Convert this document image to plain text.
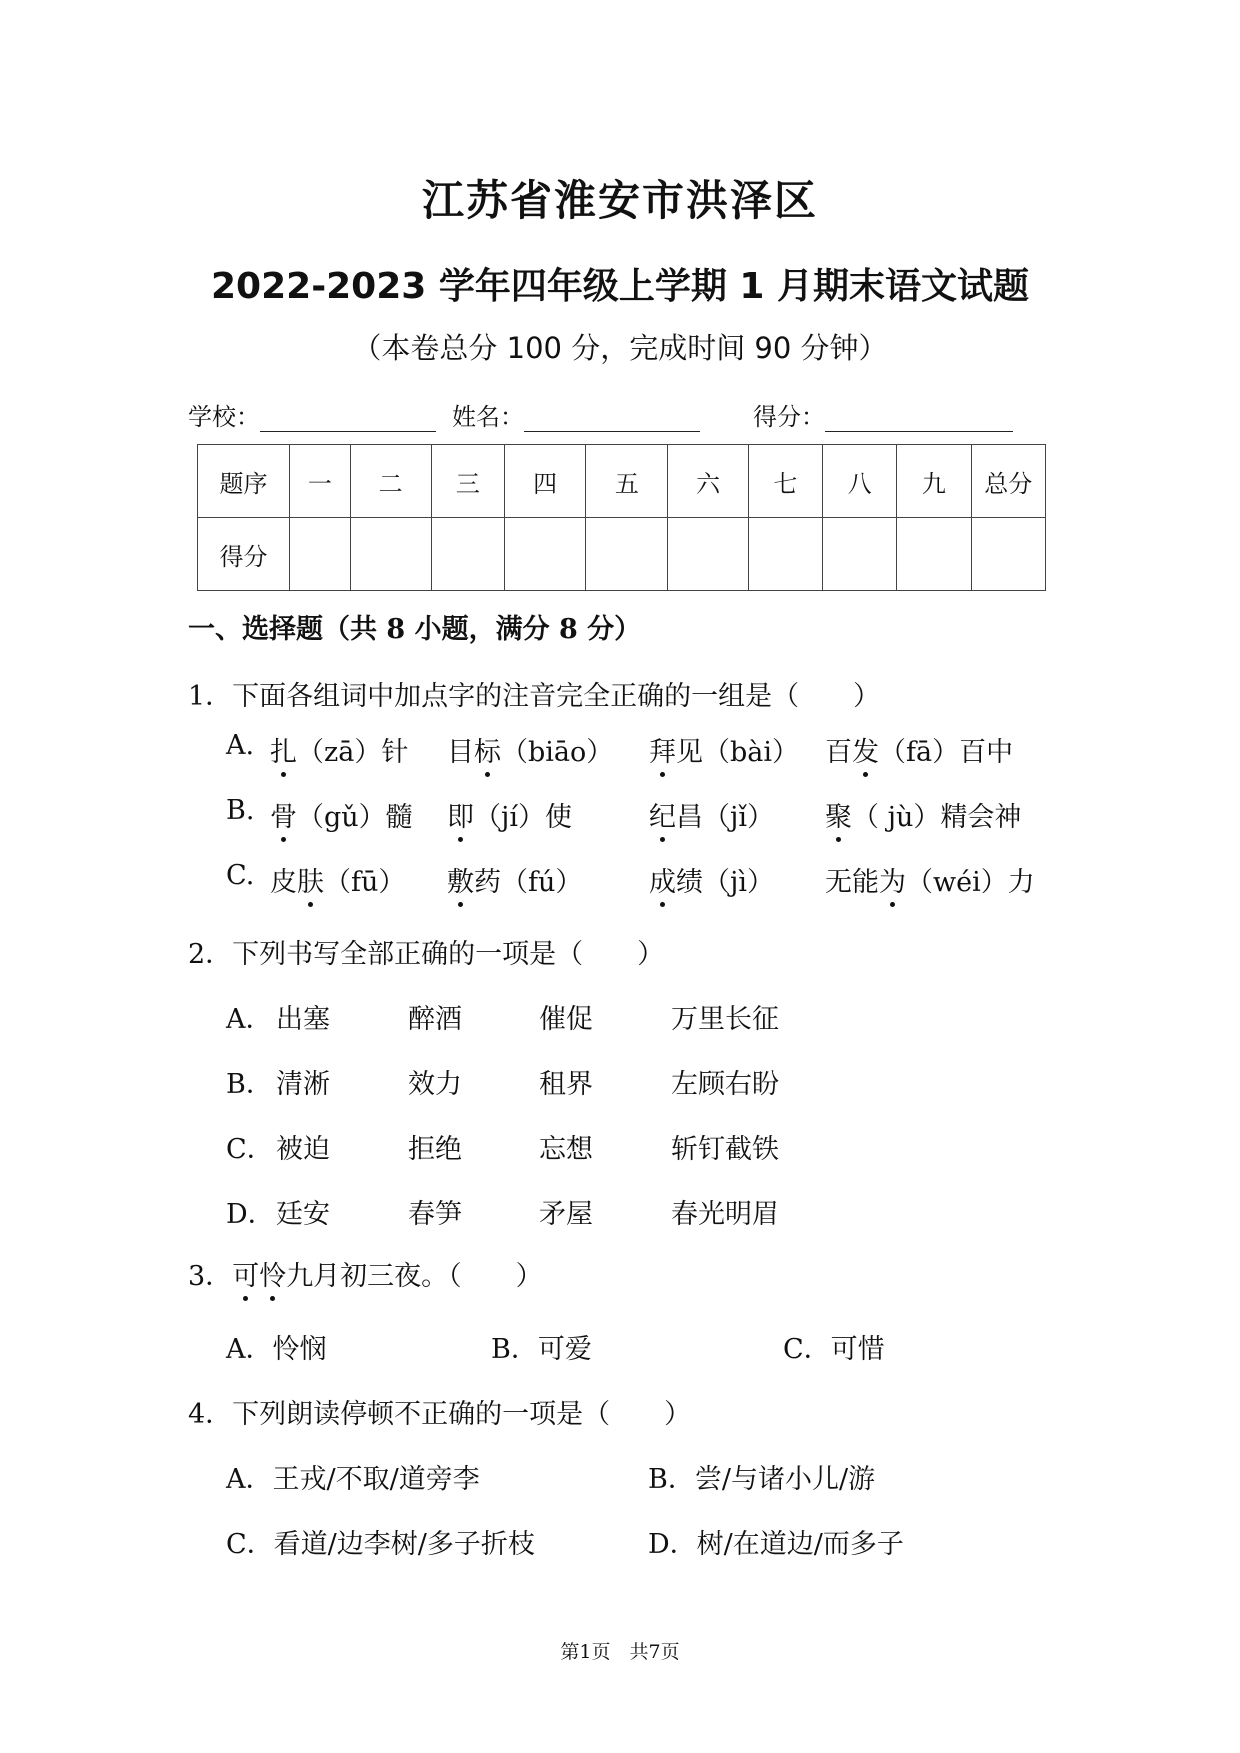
江苏省淮安市洪泽区
2022-2023 学年四年级上学期 1 月期末语文试题
（本卷总分 100 分，完成时间 90 分钟）
学校：	姓名：	得分：
题序	一	二	三	四	五	六	七	八	九	总分
得分										
一、选择题（共 8 小题，满分 8 分）
1．下面各组词中加点字的注音完全正确的一组是（　　）
A. 扎（zā）针 目标（biāo） 拜见（bài） 百发（fā）百中
B. 骨（gǔ）髓 即（jí）使	纪昌（jǐ） 聚（ jù）精会神
C. 皮肤（fū） 敷药（fú） 成绩（jì） 无能为（wéi）力
2．下列书写全部正确的一项是（　　）
A． 出塞	醉酒	催促	万里长征
B． 清淅	效力	租界	左顾右盼
C． 被迫	拒绝	忘想	斩钉截铁
D． 廷安	春笋	矛屋	春光明眉
3．可怜九月初三夜。（　　）
A．怜悯	B．可爱	C．可惜
4．下列朗读停顿不正确的一项是（　　）
A．王戎/不取/道旁李	B．尝/与诸小儿/游
C．看道/边李树/多子折枝	D．树/在道边/而多子
第1页　共7页
